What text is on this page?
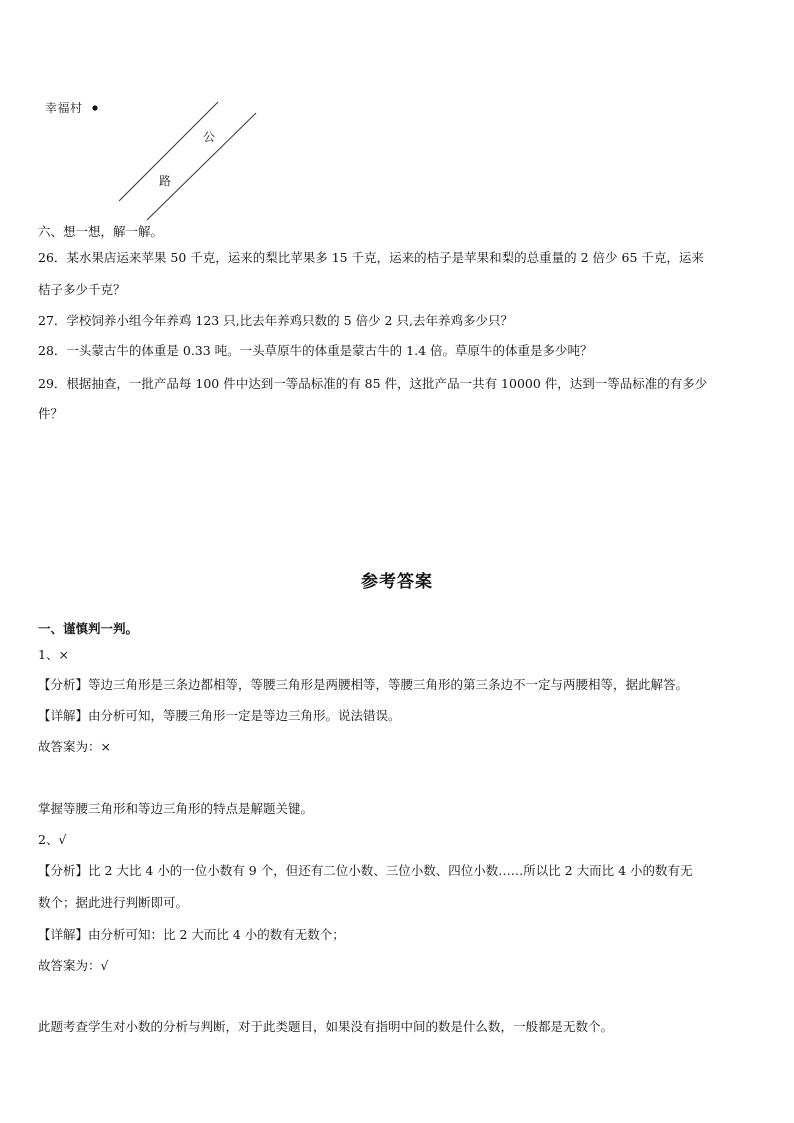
幸福村
公
路
六、想一想，解一解。
26．某水果店运来苹果 50 千克，运来的梨比苹果多 15 千克，运来的桔子是苹果和梨的总重量的 2 倍少 65 千克，运来
桔子多少千克？
27．学校饲养小组今年养鸡 123 只,比去年养鸡只数的 5 倍少 2 只,去年养鸡多少只？
28．一头蒙古牛的体重是 0.33 吨。一头草原牛的体重是蒙古牛的 1.4 倍。草原牛的体重是多少吨？
29．根据抽查，一批产品每 100 件中达到一等品标准的有 85 件，这批产品一共有 10000 件，达到一等品标准的有多少
件？
参考答案
一、谨慎判一判。
1、×
【分析】等边三角形是三条边都相等，等腰三角形是两腰相等，等腰三角形的第三条边不一定与两腰相等，据此解答。
【详解】由分析可知，等腰三角形一定是等边三角形。说法错误。
故答案为：×
掌握等腰三角形和等边三角形的特点是解题关键。
2、√
【分析】比 2 大比 4 小的一位小数有 9 个，但还有二位小数、三位小数、四位小数……所以比 2 大而比 4 小的数有无
数个；据此进行判断即可。
【详解】由分析可知：比 2 大而比 4 小的数有无数个；
故答案为：√
此题考查学生对小数的分析与判断，对于此类题目，如果没有指明中间的数是什么数，一般都是无数个。
